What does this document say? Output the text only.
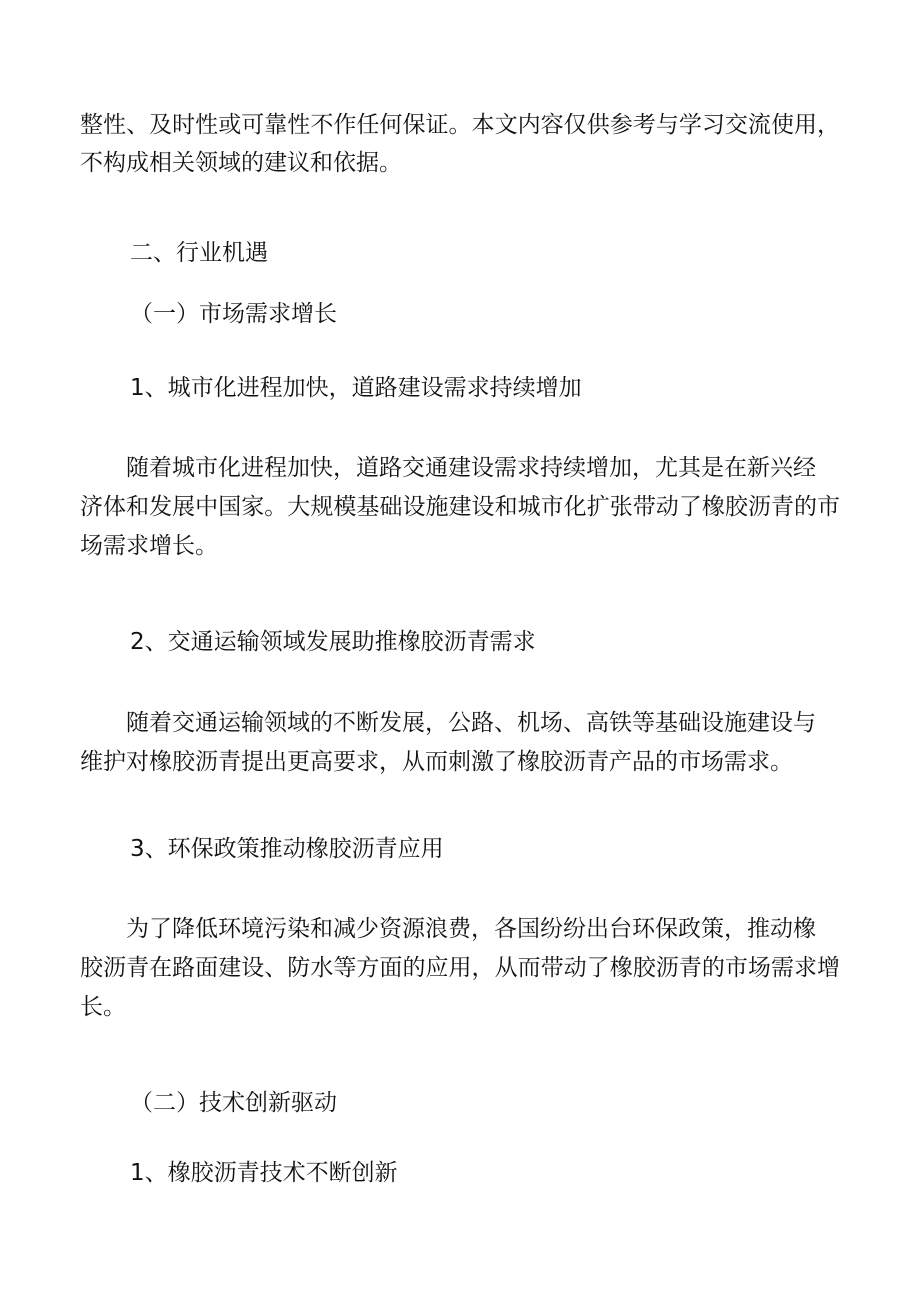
整性、及时性或可靠性不作任何保证。本文内容仅供参考与学习交流使用，
不构成相关领域的建议和依据。
二、行业机遇
（一）市场需求增长
1、城市化进程加快，道路建设需求持续增加
随着城市化进程加快，道路交通建设需求持续增加，尤其是在新兴经
济体和发展中国家。大规模基础设施建设和城市化扩张带动了橡胶沥青的市
场需求增长。
2、交通运输领域发展助推橡胶沥青需求
随着交通运输领域的不断发展，公路、机场、高铁等基础设施建设与
维护对橡胶沥青提出更高要求，从而刺激了橡胶沥青产品的市场需求。
3、环保政策推动橡胶沥青应用
为了降低环境污染和减少资源浪费，各国纷纷出台环保政策，推动橡
胶沥青在路面建设、防水等方面的应用，从而带动了橡胶沥青的市场需求增
长。
（二）技术创新驱动
1、橡胶沥青技术不断创新
